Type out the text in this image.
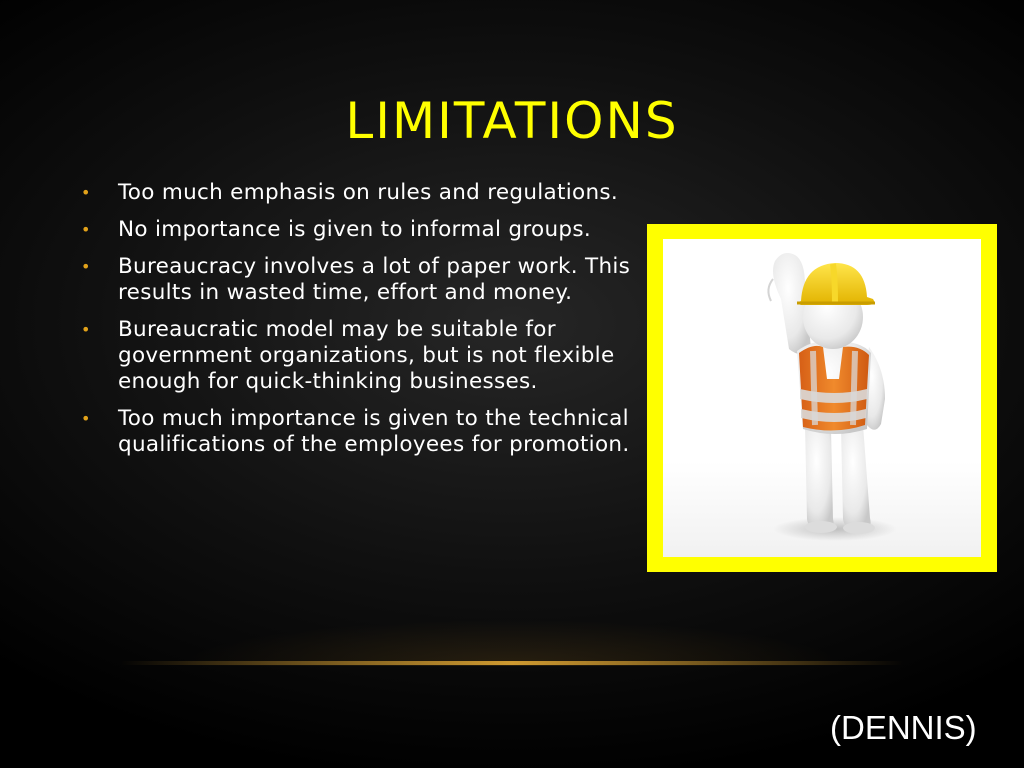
LIMITATIONS
• Too much emphasis on rules and regulations.
• No importance is given to informal groups.
• Bureaucracy involves a lot of paper work. This results in wasted time, effort and money.
• Bureaucratic model may be suitable for government organizations, but is not flexible enough for quick-thinking businesses.
• Too much importance is given to the technical qualifications of the employees for promotion.
(DENNIS)
